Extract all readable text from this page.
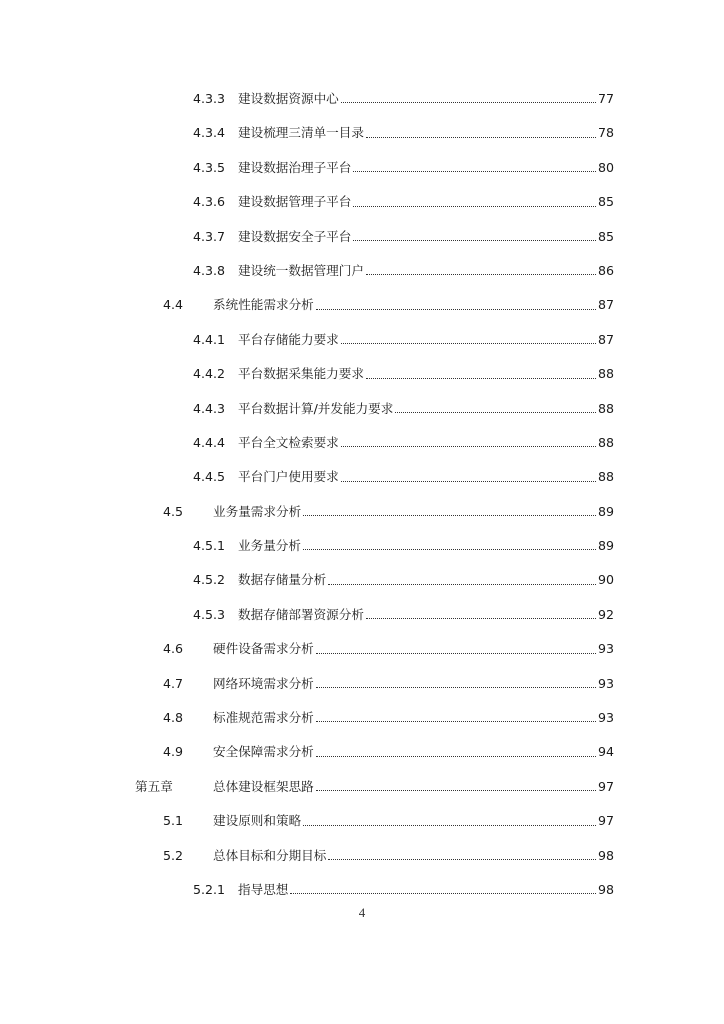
4.3.3 建设数据资源中心	77
4.3.4 建设梳理三清单一目录	78
4.3.5 建设数据治理子平台	80
4.3.6 建设数据管理子平台	85
4.3.7 建设数据安全子平台	85
4.3.8 建设统一数据管理门户	86
4.4 系统性能需求分析	87
4.4.1 平台存储能力要求	87
4.4.2 平台数据采集能力要求	88
4.4.3 平台数据计算/并发能力要求	88
4.4.4 平台全文检索要求	88
4.4.5 平台门户使用要求	88
4.5 业务量需求分析	89
4.5.1 业务量分析	89
4.5.2 数据存储量分析	90
4.5.3 数据存储部署资源分析	92
4.6 硬件设备需求分析	93
4.7 网络环境需求分析	93
4.8 标准规范需求分析	93
4.9 安全保障需求分析	94
第五章	总体建设框架思路	97
5.1 建设原则和策略	97
5.2 总体目标和分期目标	98
5.2.1 指导思想	98
4
